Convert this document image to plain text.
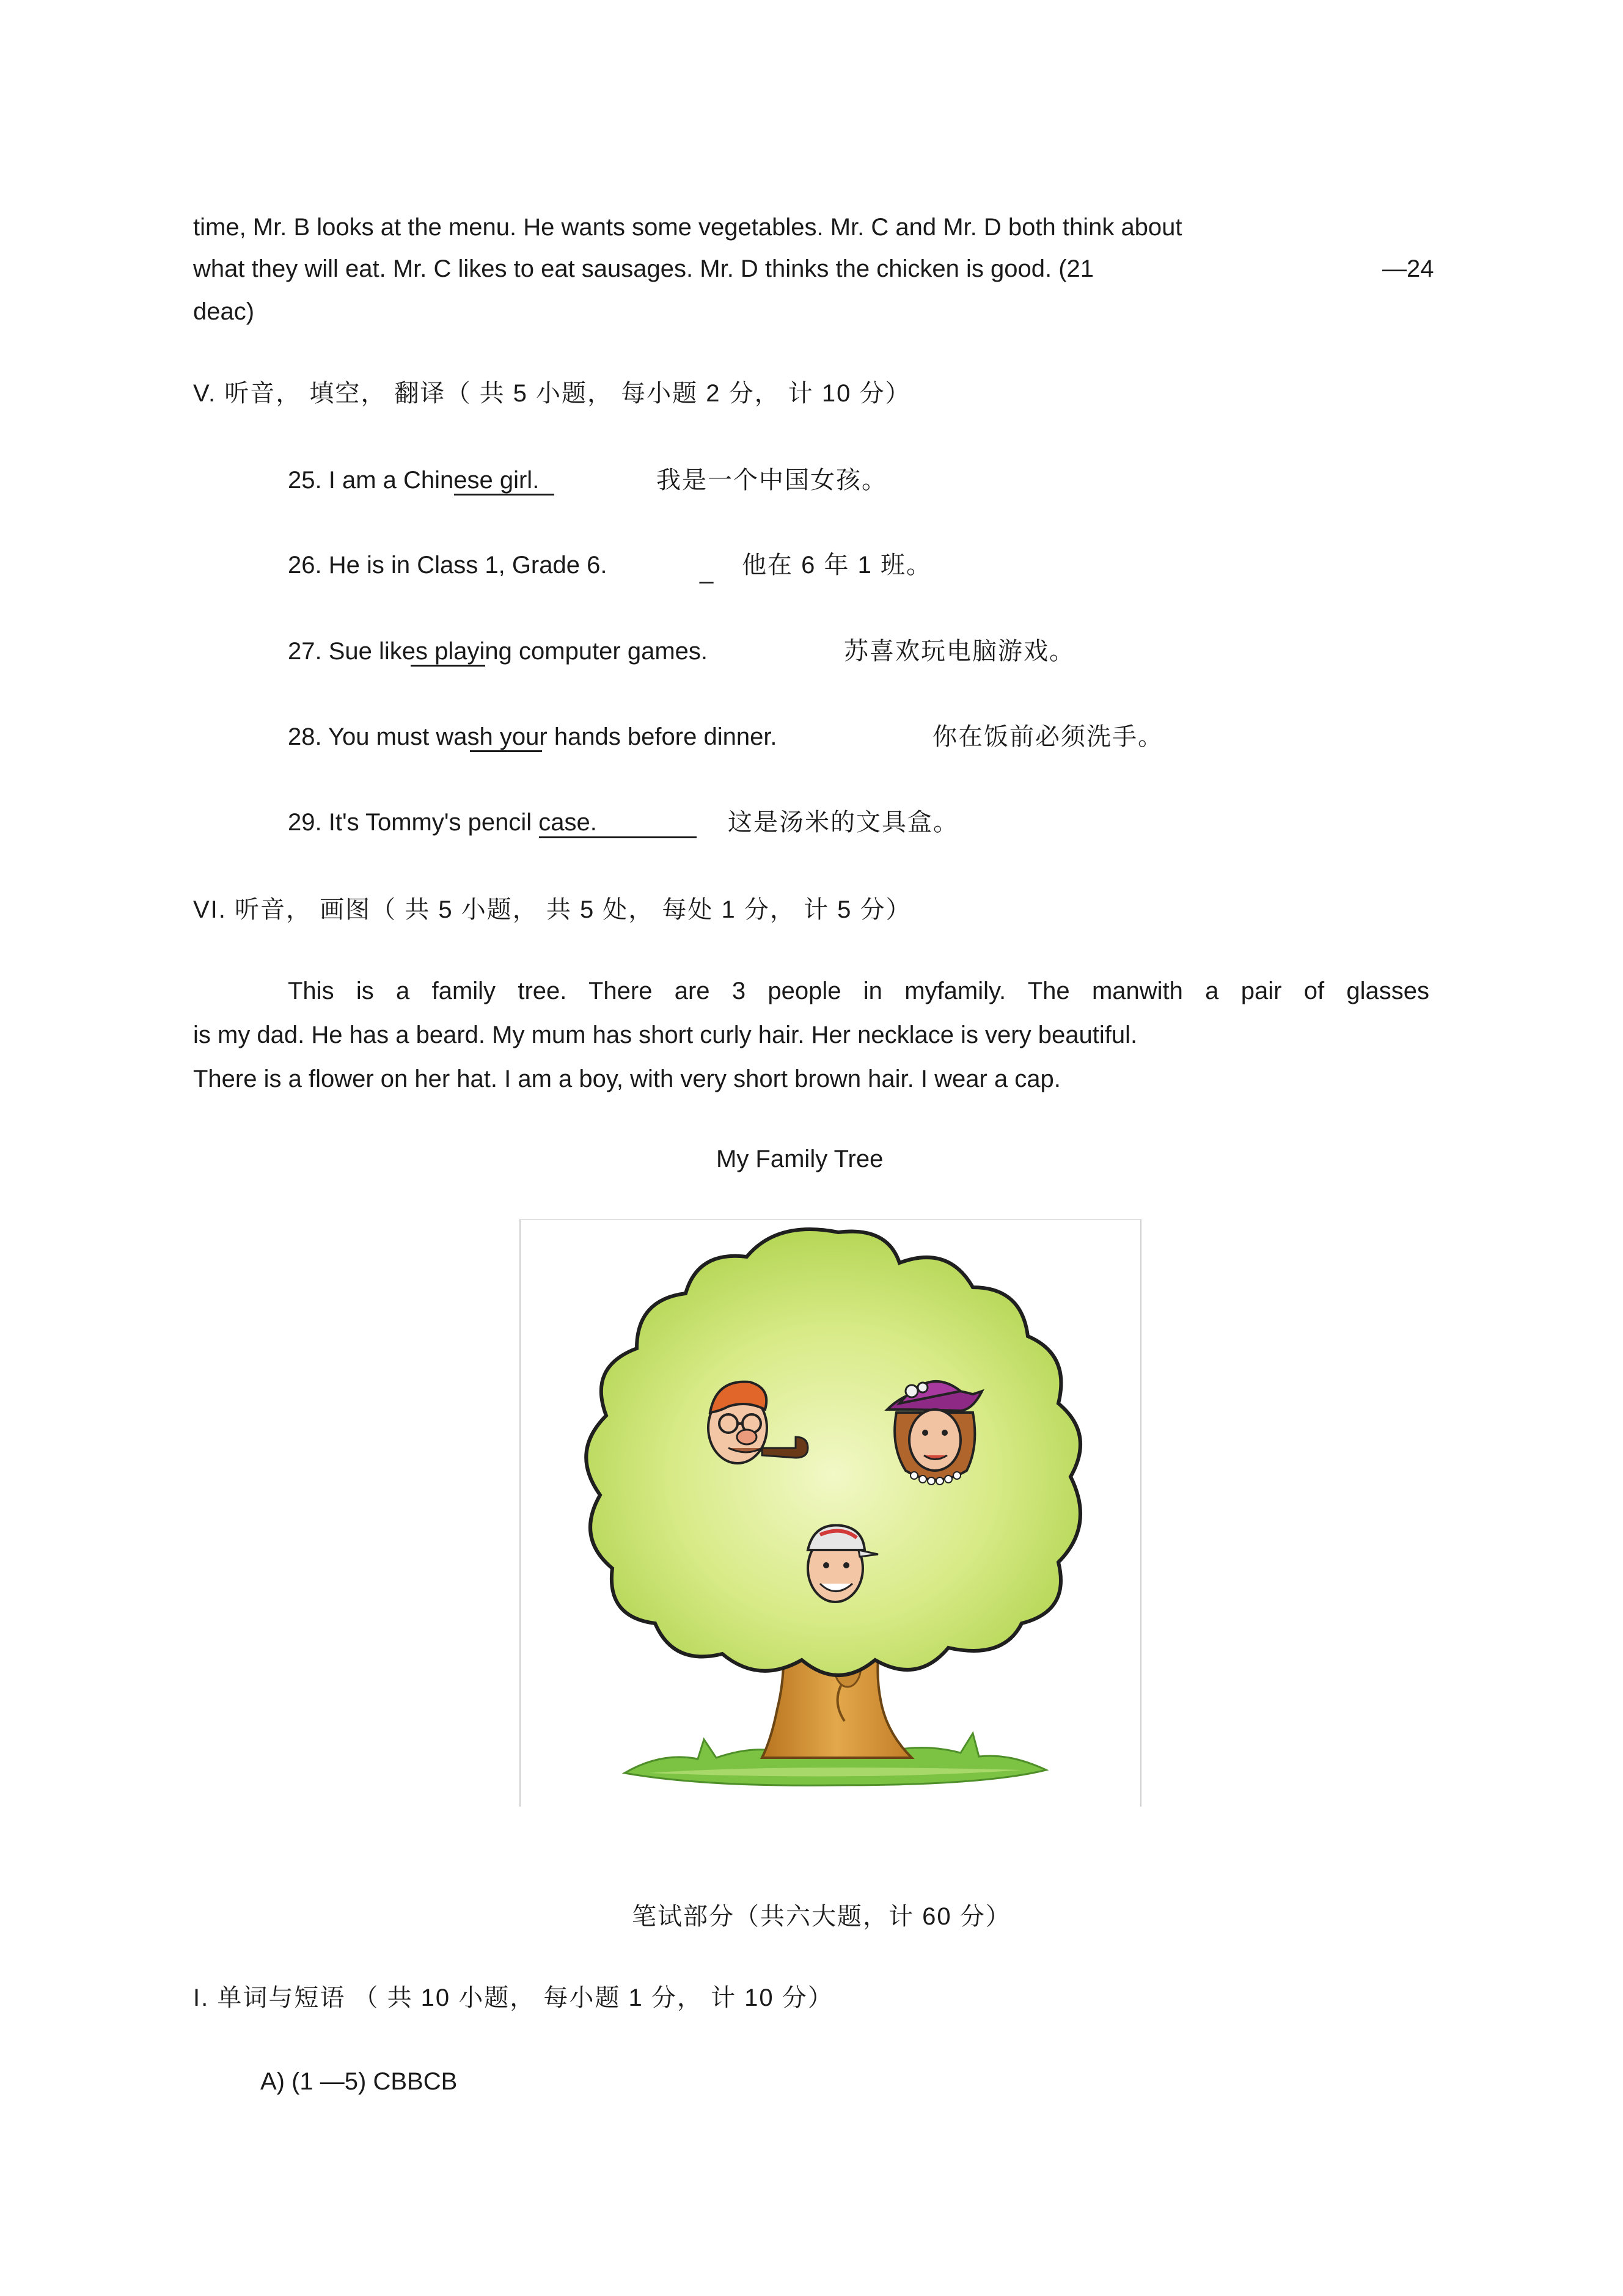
time, Mr. B looks at the menu. He wants some vegetables. Mr. C and Mr. D both think about
what they will eat. Mr. C likes to eat sausages. Mr. D thinks the chicken is good. (21	—24
deac)
V. 听音， 填空， 翻译（ 共 5 小题， 每小题 2 分， 计 10 分）
25. I am a Chinese girl.	我是一个中国女孩。
26. He is in Class 1, Grade 6.	_ 他在 6 年 1 班。
27. Sue likes playing computer games.	苏喜欢玩电脑游戏。
28. You must wash your hands before dinner.	你在饭前必须洗手。
29. It's Tommy's pencil case.	这是汤米的文具盒。
VI. 听音， 画图（ 共 5 小题， 共 5 处， 每处 1 分， 计 5 分）
This is a family tree. There are 3 people in myfamily. The manwith a pair of glasses
is my dad. He has a beard. My mum has short curly hair. Her necklace is very beautiful.
There is a flower on her hat. I am a boy, with very short brown hair. I wear a cap.
My Family Tree
笔试部分（共六大题，计 60 分）
I. 单词与短语 （ 共 10 小题， 每小题 1 分， 计 10 分）
A) (1 —5) CBBCB
